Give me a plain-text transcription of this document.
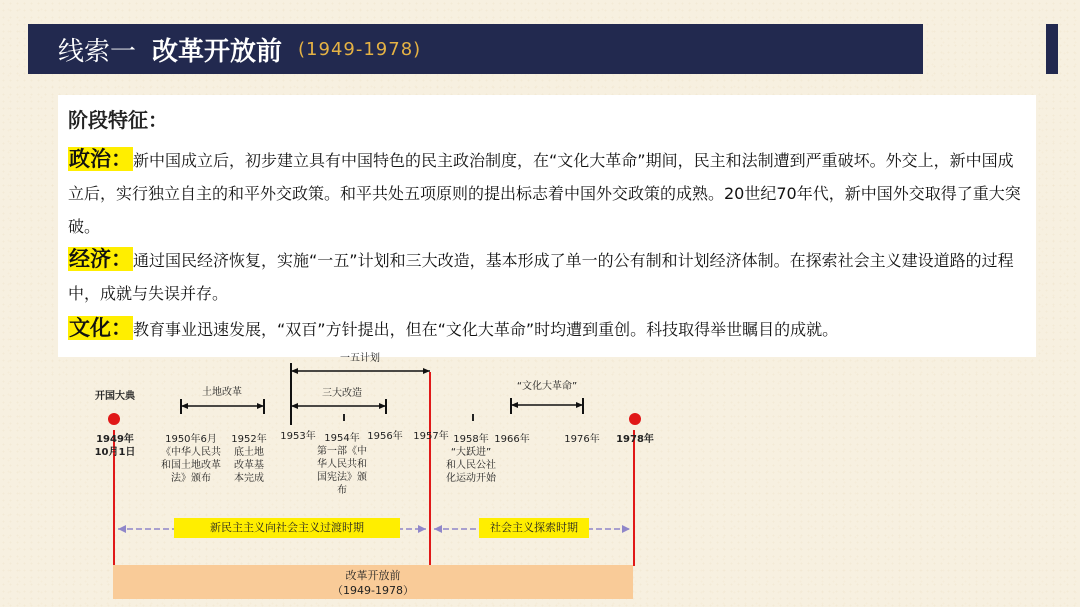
线索一 改革开放前 (1949-1978)
阶段特征：

政治：新中国成立后，初步建立具有中国特色的民主政治制度，在“文化大革命”期间，民主和法制遭到严重破坏。外交上，新中国成立后，实行独立自主的和平外交政策。和平共处五项原则的提出标志着中国外交政策的成熟。20世纪70年代，新中国外交取得了重大突破。

经济：通过国民经济恢复，实施“一五”计划和三大改造，基本形成了单一的公有制和计划经济体制。在探索社会主义建设道路的过程中，成就与失误并存。

文化：教育事业迅速发展，“双百”方针提出，但在“文化大革命”时均遭到重创。科技取得举世瞩目的成就。

开国大典
1949年
10月1日
土地改革
1950年6月
《中华人民共
和国土地改革
法》颁布
1952年
底土地
改革基
本完成
一五计划
三大改造
1953年 1954年
第一部《中
华人民共和
国宪法》颁
布
1956年	1957年 1958年
“大跃进”
和人民公社
化运动开始
“文化大革命”
1966年	1976年	1978年
新民主主义向社会主义过渡时期	社会主义探索时期
改革开放前
（1949-1978）
